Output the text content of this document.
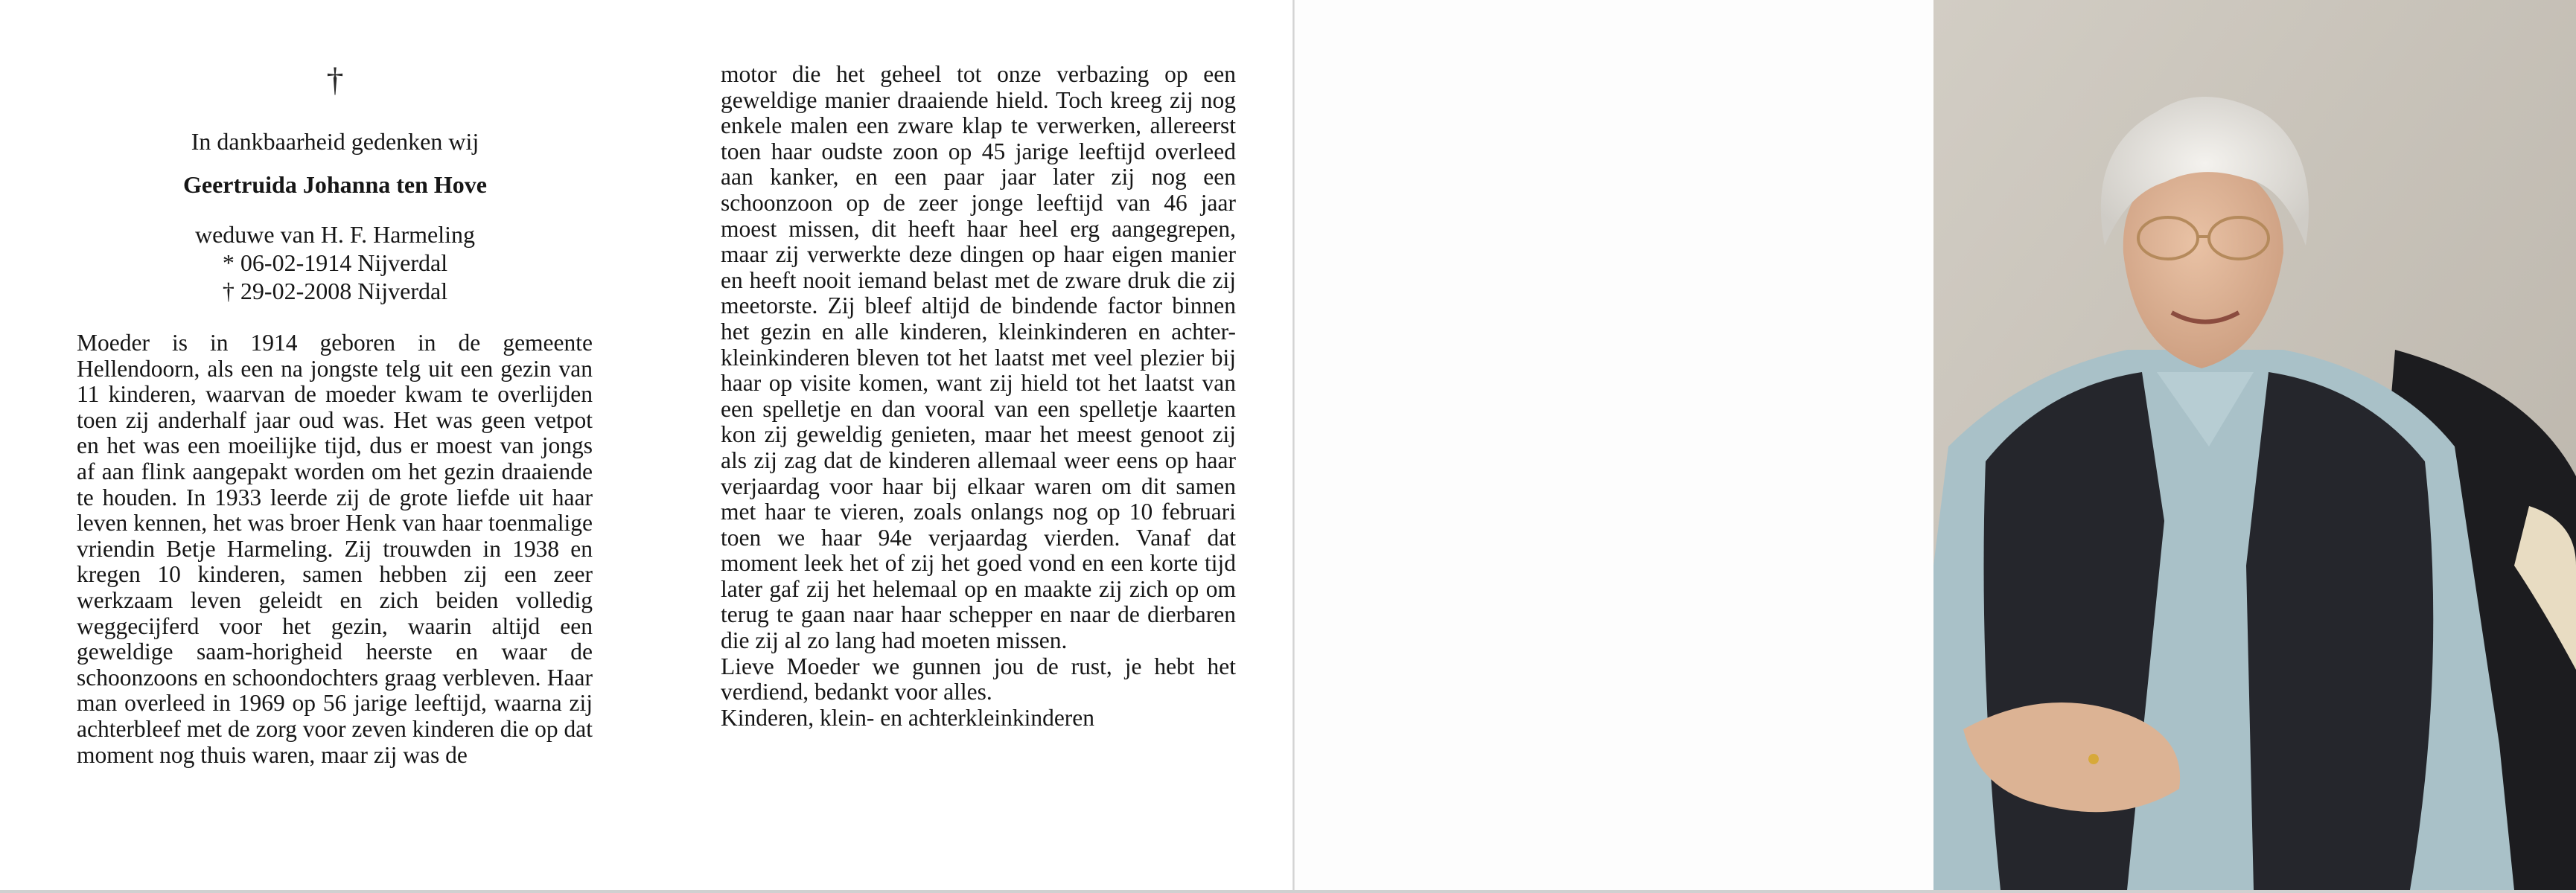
†
In dankbaarheid gedenken wij
Geertruida Johanna ten Hove
weduwe van H. F. Harmeling
* 06-02-1914 Nijverdal
† 29-02-2008 Nijverdal

Moeder is in 1914 geboren in de gemeente Hellendoorn, als een na jongste telg uit een gezin van 11 kinderen, waarvan de moeder kwam te overlijden toen zij anderhalf jaar oud was. Het was geen vetpot en het was een moeilijke tijd, dus er moest van jongs af aan flink aangepakt worden om het gezin draaiende te houden. In 1933 leerde zij de grote liefde uit haar leven kennen, het was broer Henk van haar toenmalige vriendin Betje Harmeling. Zij trouwden in 1938 en kregen 10 kinderen, samen hebben zij een zeer werkzaam leven geleidt en zich beiden volledig weggecijferd voor het gezin, waarin altijd een geweldige saam-horigheid heerste en waar de schoonzoons en schoondochters graag verbleven. Haar man overleed in 1969 op 56 jarige leeftijd, waarna zij achterbleef met de zorg voor zeven kinderen die op dat moment nog thuis waren, maar zij was de

motor die het geheel tot onze verbazing op een geweldige manier draaiende hield. Toch kreeg zij nog enkele malen een zware klap te verwerken, allereerst toen haar oudste zoon op 45 jarige leeftijd overleed aan kanker, en een paar jaar later zij nog een schoonzoon op de zeer jonge leeftijd van 46 jaar moest missen, dit heeft haar heel erg aangegrepen, maar zij verwerkte deze dingen op haar eigen manier en heeft nooit iemand belast met de zware druk die zij meetorste. Zij bleef altijd de bindende factor binnen het gezin en alle kinderen, kleinkinderen en achter-kleinkinderen bleven tot het laatst met veel plezier bij haar op visite komen, want zij hield tot het laatst van een spelletje en dan vooral van een spelletje kaarten kon zij geweldig genieten, maar het meest genoot zij als zij zag dat de kinderen allemaal weer eens op haar verjaardag voor haar bij elkaar waren om dit samen met haar te vieren, zoals onlangs nog op 10 februari toen we haar 94e verjaardag vierden. Vanaf dat moment leek het of zij het goed vond en een korte tijd later gaf zij het helemaal op en maakte zij zich op om terug te gaan naar haar schepper en naar de dierbaren die zij al zo lang had moeten missen.

Lieve Moeder we gunnen jou de rust, je hebt het verdiend, bedankt voor alles.

Kinderen, klein- en achterkleinkinderen
